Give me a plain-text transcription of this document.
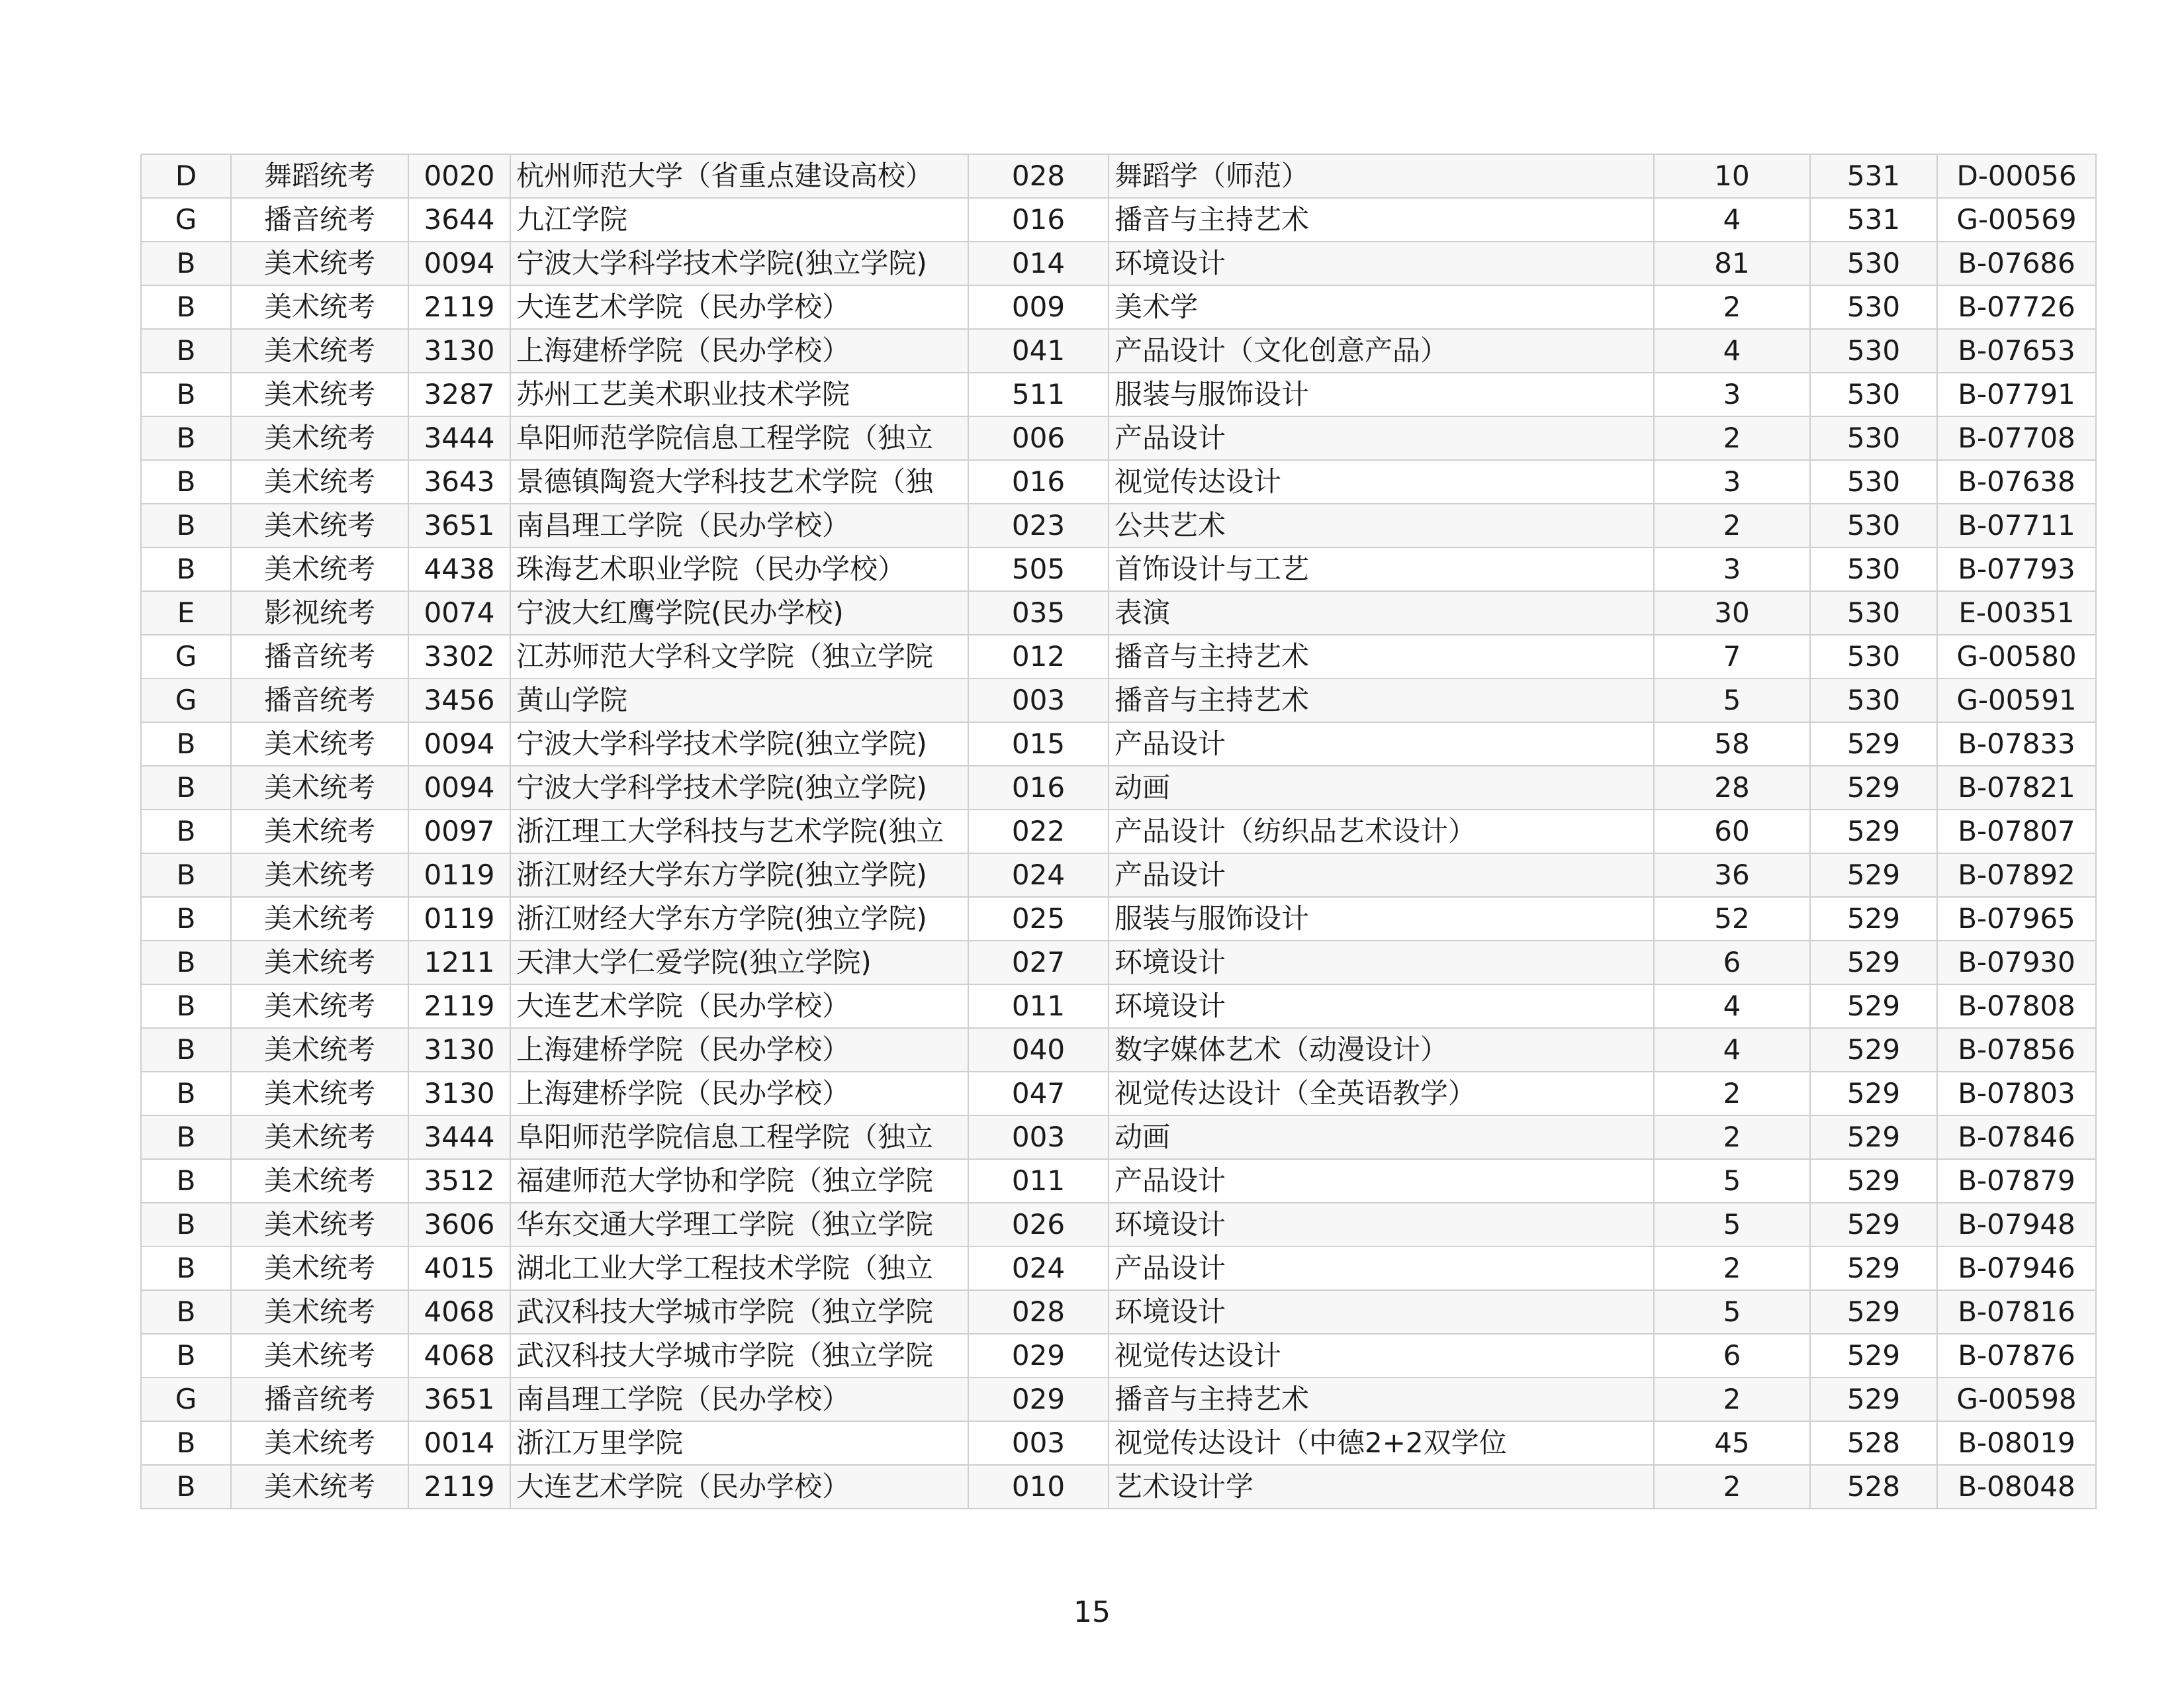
D	舞蹈统考	0020	杭州师范大学（省重点建设高校）	028	舞蹈学（师范）	10	531	D-00056
G	播音统考	3644	九江学院	016	播音与主持艺术	4	531	G-00569
B	美术统考	0094	宁波大学科学技术学院(独立学院)	014	环境设计	81	530	B-07686
B	美术统考	2119	大连艺术学院（民办学校）	009	美术学	2	530	B-07726
B	美术统考	3130	上海建桥学院（民办学校）	041	产品设计（文化创意产品）	4	530	B-07653
B	美术统考	3287	苏州工艺美术职业技术学院	511	服装与服饰设计	3	530	B-07791
B	美术统考	3444	阜阳师范学院信息工程学院（独立	006	产品设计	2	530	B-07708
B	美术统考	3643	景德镇陶瓷大学科技艺术学院（独	016	视觉传达设计	3	530	B-07638
B	美术统考	3651	南昌理工学院（民办学校）	023	公共艺术	2	530	B-07711
B	美术统考	4438	珠海艺术职业学院（民办学校）	505	首饰设计与工艺	3	530	B-07793
E	影视统考	0074	宁波大红鹰学院(民办学校)	035	表演	30	530	E-00351
G	播音统考	3302	江苏师范大学科文学院（独立学院	012	播音与主持艺术	7	530	G-00580
G	播音统考	3456	黄山学院	003	播音与主持艺术	5	530	G-00591
B	美术统考	0094	宁波大学科学技术学院(独立学院)	015	产品设计	58	529	B-07833
B	美术统考	0094	宁波大学科学技术学院(独立学院)	016	动画	28	529	B-07821
B	美术统考	0097	浙江理工大学科技与艺术学院(独立	022	产品设计（纺织品艺术设计）	60	529	B-07807
B	美术统考	0119	浙江财经大学东方学院(独立学院)	024	产品设计	36	529	B-07892
B	美术统考	0119	浙江财经大学东方学院(独立学院)	025	服装与服饰设计	52	529	B-07965
B	美术统考	1211	天津大学仁爱学院(独立学院)	027	环境设计	6	529	B-07930
B	美术统考	2119	大连艺术学院（民办学校）	011	环境设计	4	529	B-07808
B	美术统考	3130	上海建桥学院（民办学校）	040	数字媒体艺术（动漫设计）	4	529	B-07856
B	美术统考	3130	上海建桥学院（民办学校）	047	视觉传达设计（全英语教学）	2	529	B-07803
B	美术统考	3444	阜阳师范学院信息工程学院（独立	003	动画	2	529	B-07846
B	美术统考	3512	福建师范大学协和学院（独立学院	011	产品设计	5	529	B-07879
B	美术统考	3606	华东交通大学理工学院（独立学院	026	环境设计	5	529	B-07948
B	美术统考	4015	湖北工业大学工程技术学院（独立	024	产品设计	2	529	B-07946
B	美术统考	4068	武汉科技大学城市学院（独立学院	028	环境设计	5	529	B-07816
B	美术统考	4068	武汉科技大学城市学院（独立学院	029	视觉传达设计	6	529	B-07876
G	播音统考	3651	南昌理工学院（民办学校）	029	播音与主持艺术	2	529	G-00598
B	美术统考	0014	浙江万里学院	003	视觉传达设计（中德2+2双学位	45	528	B-08019
B	美术统考	2119	大连艺术学院（民办学校）	010	艺术设计学	2	528	B-08048
15
